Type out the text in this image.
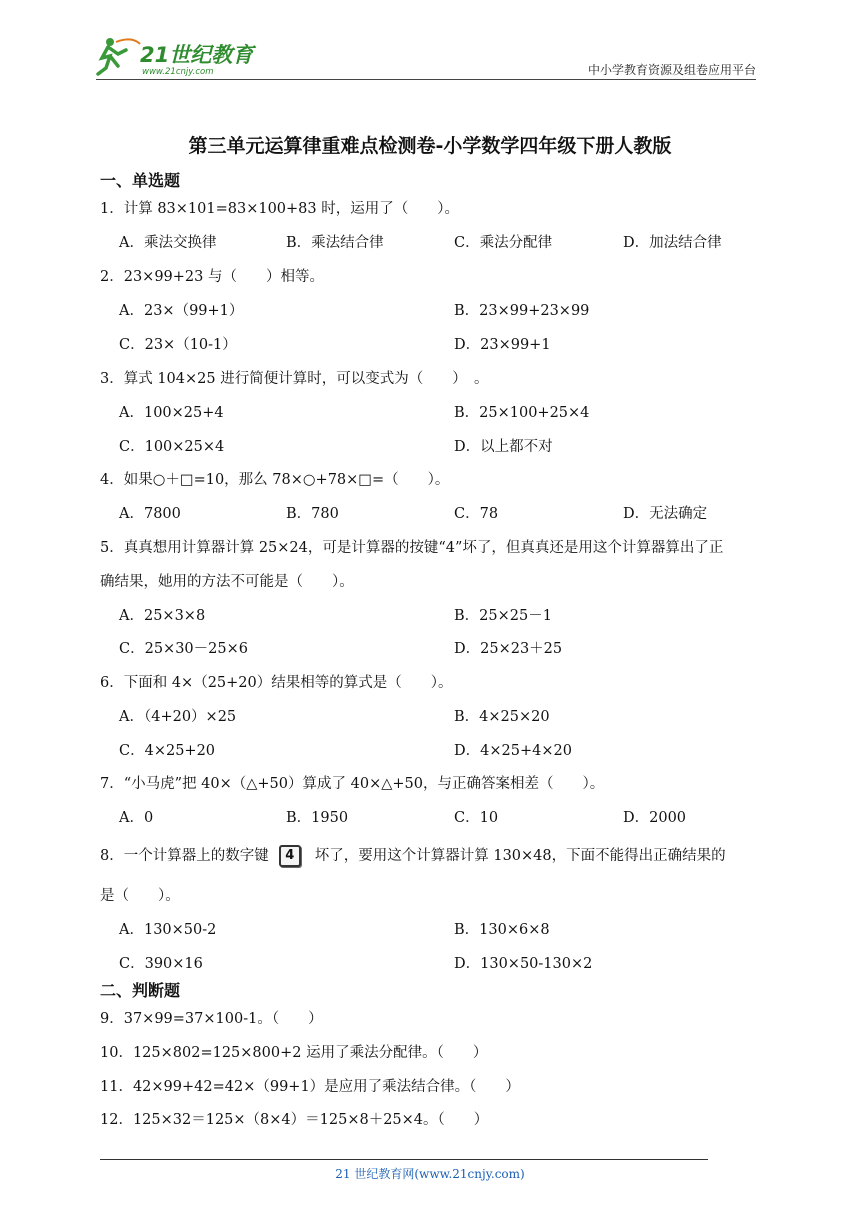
21世纪教育
www.21cnjy.com	中小学教育资源及组卷应用平台
第三单元运算律重难点检测卷-小学数学四年级下册人教版
一、单选题
1．计算 83×101=83×100+83 时，运用了（　　）。
A．乘法交换律	B．乘法结合律	C．乘法分配律	D．加法结合律
2．23×99+23 与（　　）相等。
A．23×（99+1）	B．23×99+23×99
C．23×（10-1）	D．23×99+1
3．算式 104×25 进行简便计算时，可以变式为（　　）　。
A．100×25+4	B．25×100+25×4
C．100×25×4	D．以上都不对
4．如果○＋□=10，那么 78×○+78×□=（　　）。
A．7800	B．780	C．78	D．无法确定
5．真真想用计算器计算 25×24，可是计算器的按键“4”坏了，但真真还是用这个计算器算出了正
确结果，她用的方法不可能是（　　）。
A．25×3×8	B．25×25－1
C．25×30－25×6	D．25×23＋25
6．下面和 4×（25+20）结果相等的算式是（　　）。
A．（4+20）×25	B．4×25×20
C．4×25+20	D．4×25+4×20
7．“小马虎”把 40×（△+50）算成了 40×△+50，与正确答案相差（　　）。
A．0	B．1950	C．10	D．2000
8．一个计算器上的数字键 4 坏了，要用这个计算器计算 130×48，下面不能得出正确结果的
是（　　）。
A．130×50-2	B．130×6×8
C．390×16	D．130×50-130×2
二、判断题
9．37×99=37×100-1。（　　）
10．125×802=125×800+2 运用了乘法分配律。（　　）
11．42×99+42=42×（99+1）是应用了乘法结合律。（　　）
12．125×32＝125×（8×4）＝125×8＋25×4。（　　）
21 世纪教育网(www.21cnjy.com)
